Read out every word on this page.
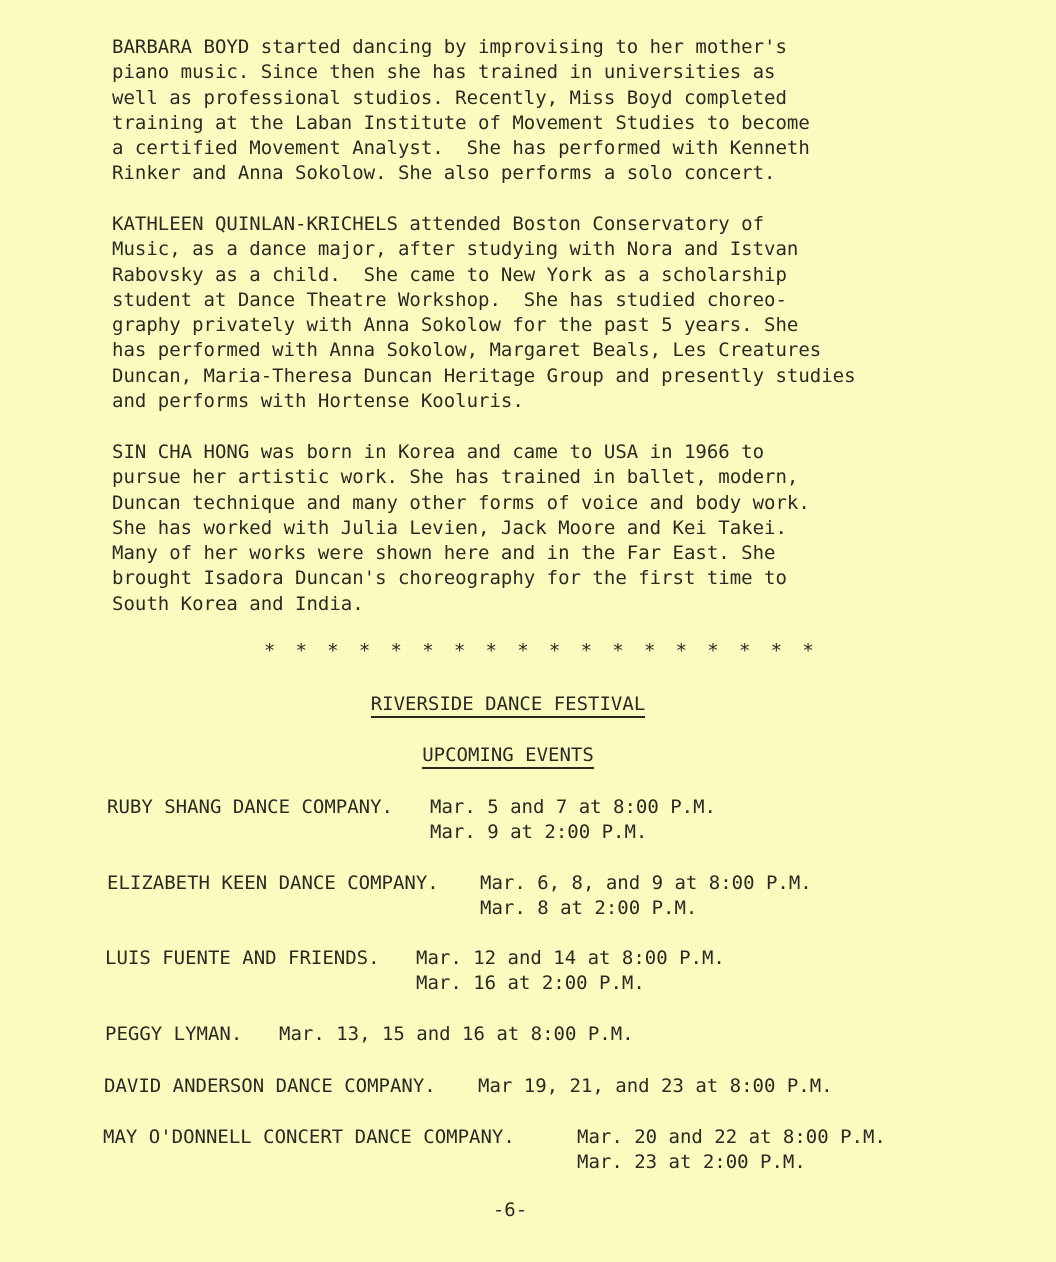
BARBARA BOYD started dancing by improvising to her mother's
piano music. Since then she has trained in universities as
well as professional studios. Recently, Miss Boyd completed
training at the Laban Institute of Movement Studies to become
a certified Movement Analyst.  She has performed with Kenneth
Rinker and Anna Sokolow. She also performs a solo concert.

KATHLEEN QUINLAN-KRICHELS attended Boston Conservatory of
Music, as a dance major, after studying with Nora and Istvan
Rabovsky as a child.  She came to New York as a scholarship
student at Dance Theatre Workshop.  She has studied choreo-
graphy privately with Anna Sokolow for the past 5 years. She
has performed with Anna Sokolow, Margaret Beals, Les Creatures
Duncan, Maria-Theresa Duncan Heritage Group and presently studies
and performs with Hortense Kooluris.

SIN CHA HONG was born in Korea and came to USA in 1966 to
pursue her artistic work. She has trained in ballet, modern,
Duncan technique and many other forms of voice and body work.
She has worked with Julia Levien, Jack Moore and Kei Takei.
Many of her works were shown here and in the Far East. She
brought Isadora Duncan's choreography for the first time to
South Korea and India.

* * * * * * * * * * * * * * * * * *

RIVERSIDE DANCE FESTIVAL

UPCOMING EVENTS

RUBY SHANG DANCE COMPANY. Mar. 5 and 7 at 8:00 P.M.
Mar. 9 at 2:00 P.M.
ELIZABETH KEEN DANCE COMPANY. Mar. 6, 8, and 9 at 8:00 P.M.
Mar. 8 at 2:00 P.M.
LUIS FUENTE AND FRIENDS. Mar. 12 and 14 at 8:00 P.M.
Mar. 16 at 2:00 P.M.
PEGGY LYMAN. Mar. 13, 15 and 16 at 8:00 P.M.
DAVID ANDERSON DANCE COMPANY. Mar 19, 21, and 23 at 8:00 P.M.
MAY O'DONNELL CONCERT DANCE COMPANY.	Mar. 20 and 22 at 8:00 P.M.
Mar. 23 at 2:00 P.M.

-6-
